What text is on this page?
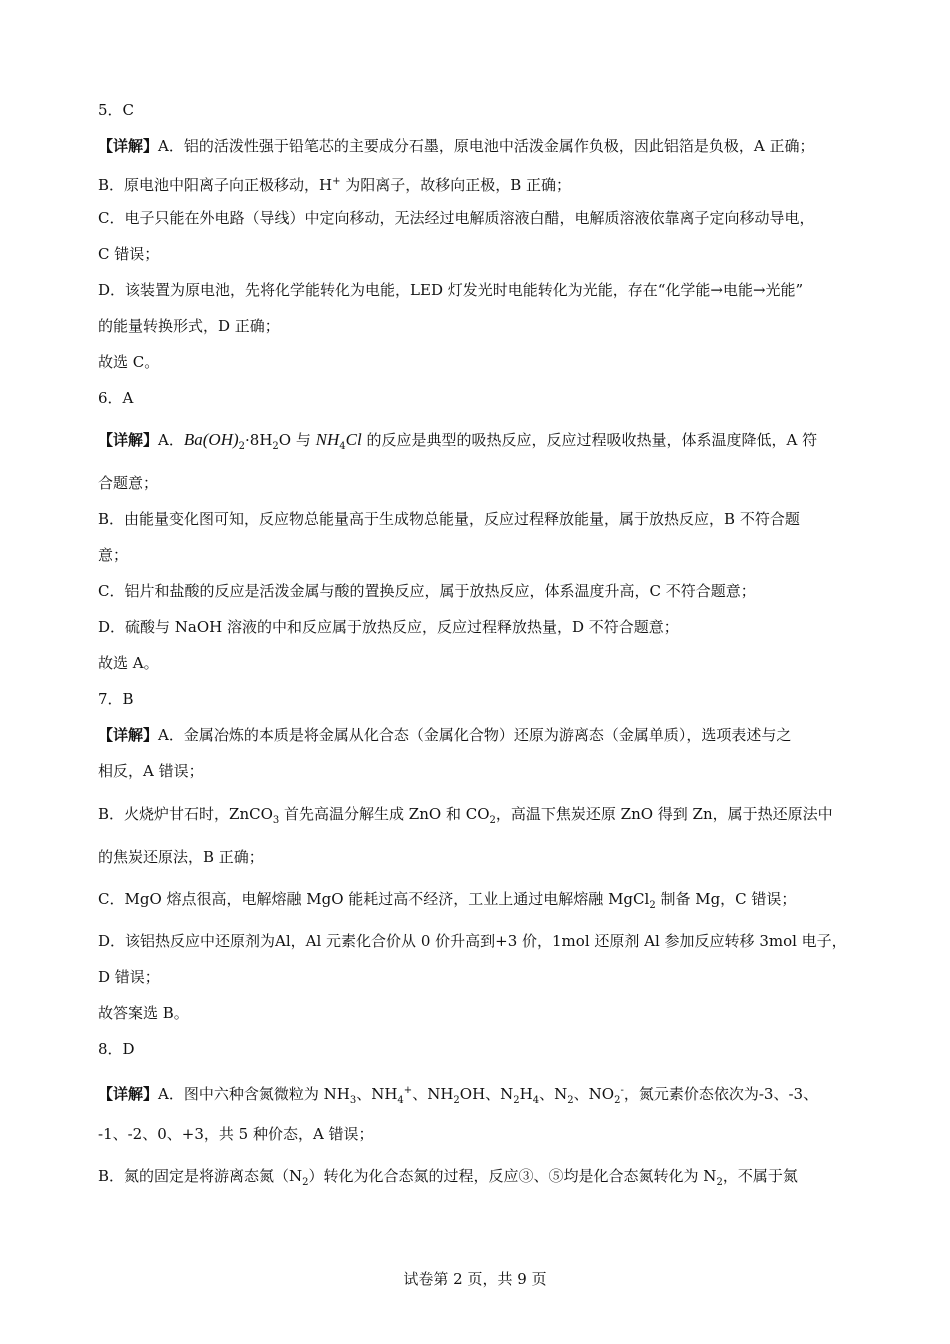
5．C
【详解】A．铝的活泼性强于铅笔芯的主要成分石墨，原电池中活泼金属作负极，因此铝箔是负极，A 正确；
B．原电池中阳离子向正极移动，H+ 为阳离子，故移向正极，B 正确；
C．电子只能在外电路（导线）中定向移动，无法经过电解质溶液白醋，电解质溶液依靠离子定向移动导电，
C 错误；
D．该装置为原电池，先将化学能转化为电能，LED 灯发光时电能转化为光能，存在“化学能→电能→光能”
的能量转换形式，D 正确；
故选 C。
6．A
【详解】A．$Ba(OH)_2\cdot 8H_2O$ 与 $NH_4Cl$ 的反应是典型的吸热反应，反应过程吸收热量，体系温度降低，A 符
合题意；
B．由能量变化图可知，反应物总能量高于生成物总能量，反应过程释放能量，属于放热反应，B 不符合题
意；
C．铝片和盐酸的反应是活泼金属与酸的置换反应，属于放热反应，体系温度升高，C 不符合题意；
D．硫酸与 NaOH 溶液的中和反应属于放热反应，反应过程释放热量，D 不符合题意；
故选 A。
7．B
【详解】A．金属冶炼的本质是将金属从化合态（金属化合物）还原为游离态（金属单质），选项表述与之
相反，A 错误；
B．火烧炉甘石时，ZnCO$_3$ 首先高温分解生成 ZnO 和 $CO_2$，高温下焦炭还原 ZnO 得到 Zn，属于热还原法中
的焦炭还原法，B 正确；
C．MgO 熔点很高，电解熔融 MgO 能耗过高不经济，工业上通过电解熔融 MgCl$_2$ 制备 Mg，C 错误；
D．该铝热反应中还原剂为Al，Al 元素化合价从 0 价升高到+3 价，1mol 还原剂 Al 参加反应转移 3mol 电子，
D 错误；
故答案选 B。
8．D
【详解】A．图中六种含氮微粒为 $NH_3$、$NH_4^+$、$NH_2OH$、$N_2H_4$、$N_2$、$NO_2^-$，氮元素价态依次为-3、-3、
-1、-2、0、+3，共 5 种价态，A 错误；
B．氮的固定是将游离态氮$(N_2)$转化为化合态氮的过程，反应③、⑤均是化合态氮转化为 $N_2$，不属于氮
试卷第 2 页，共 9 页
